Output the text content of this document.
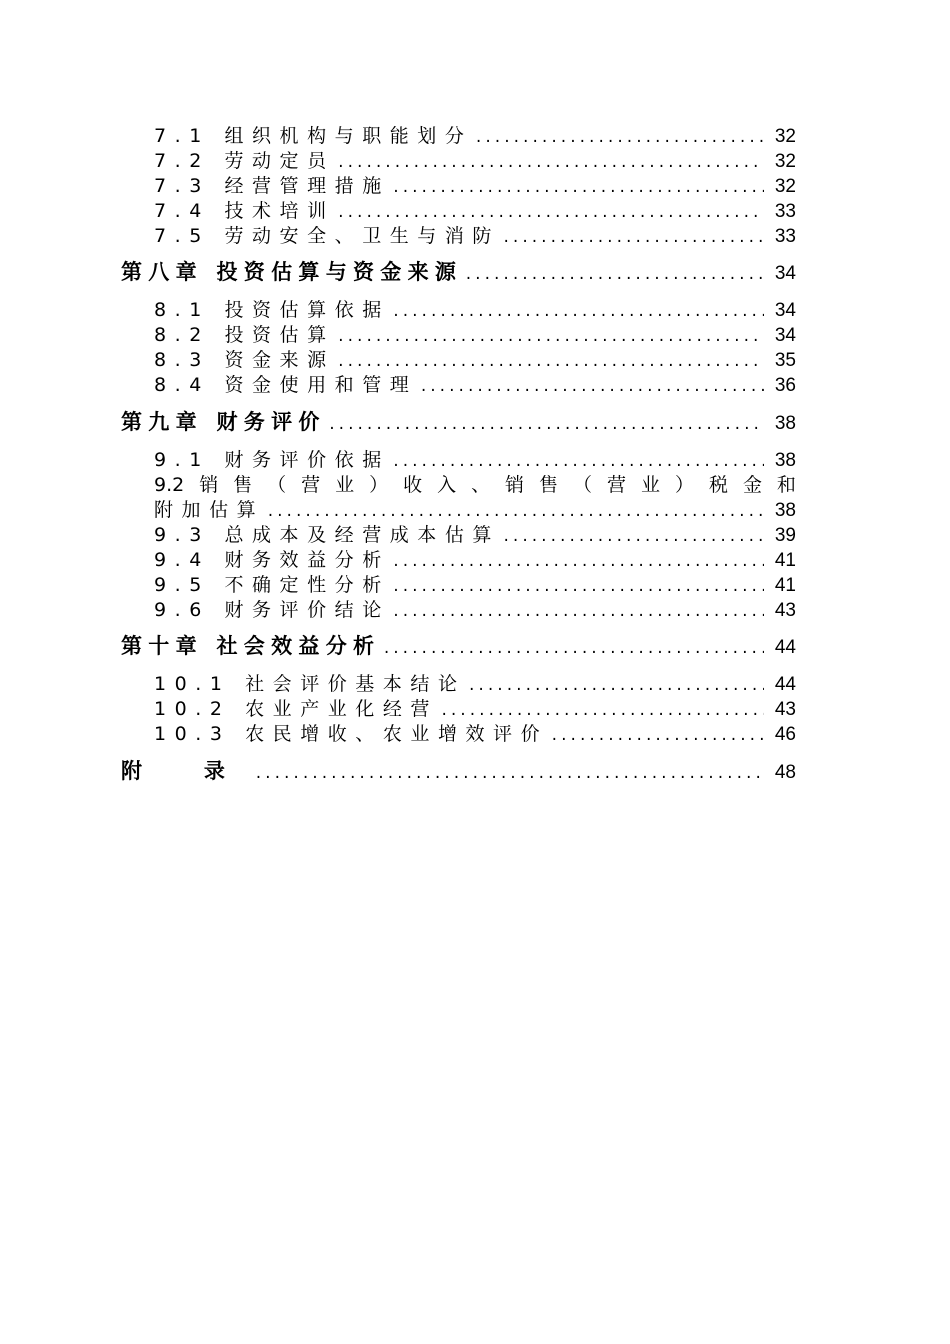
7.1 组织机构与职能划分 .....	32
7.2 劳动定员 .....	32
7.3 经营管理措施 .....	32
7.4 技术培训 .....	33
7.5 劳动安全、卫生与消防 .....	33
第八章 投资估算与资金来源 .....	34
8.1 投资估算依据 .....	34
8.2 投资估算 .....	34
8.3 资金来源 .....	35
8.4 资金使用和管理 .....	36
第九章 财务评价 .....	38
9.1 财务评价依据 .....	38
9.2 销 售 （ 营 业 ） 收 入 、 销 售 （ 营 业 ） 税 金 和
附加估算 .....	38
9.3 总成本及经营成本估算 .....	39
9.4 财务效益分析 .....	41
9.5 不确定性分析 .....	41
9.6 财务评价结论 .....	43
第十章 社会效益分析 .....	44
10.1 社会评价基本结论 .....	44
10.2 农业产业化经营 .....	43
10.3 农民增收、农业增效评价 .....	46
附 录 .....	48
